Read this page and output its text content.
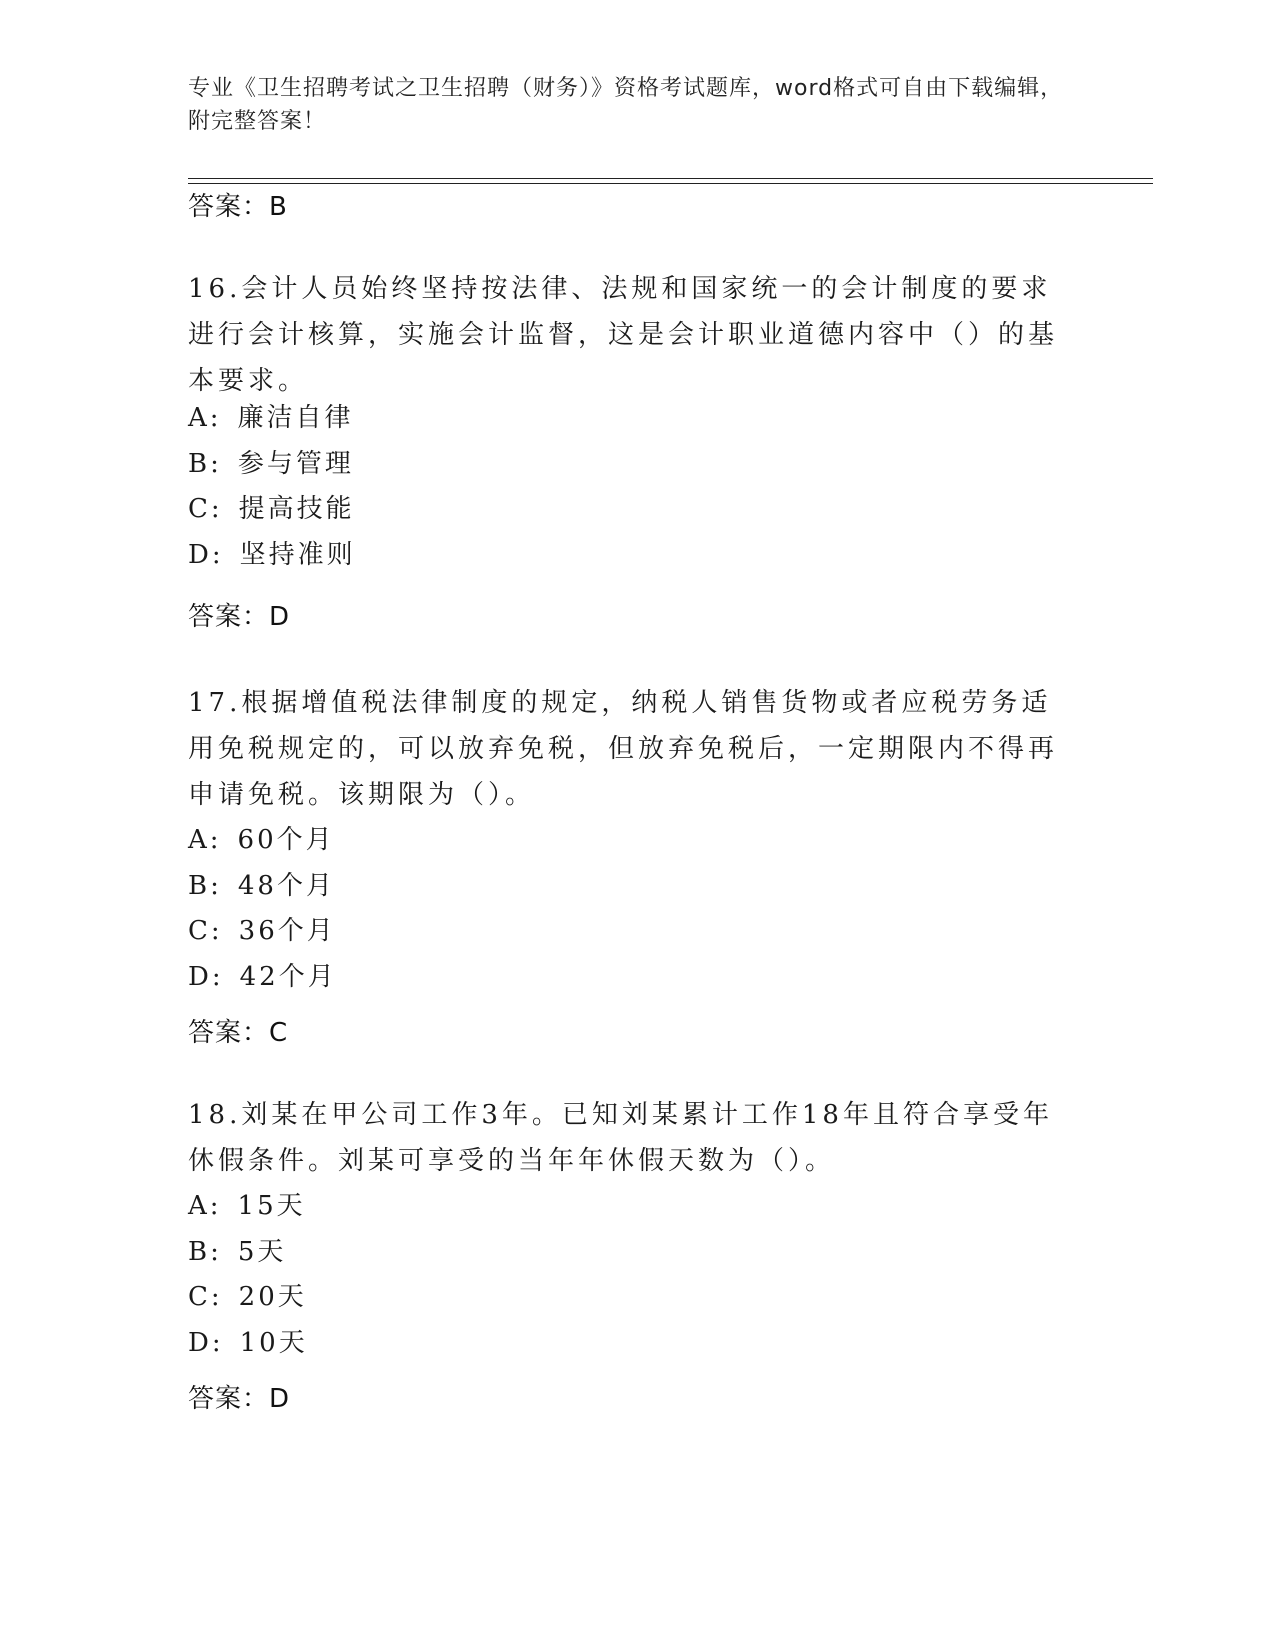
专业《卫生招聘考试之卫生招聘（财务）》资格考试题库，word格式可自由下载编辑，附完整答案！
答案：B
16.会计人员始终坚持按法律、法规和国家统一的会计制度的要求进行会计核算，实施会计监督，这是会计职业道德内容中（）的基本要求。
A: 廉洁自律
B: 参与管理
C: 提高技能
D: 坚持准则
答案：D
17.根据增值税法律制度的规定，纳税人销售货物或者应税劳务适用免税规定的，可以放弃免税，但放弃免税后，一定期限内不得再申请免税。该期限为（）。
A: 60个月
B: 48个月
C: 36个月
D: 42个月
答案：C
18.刘某在甲公司工作3年。已知刘某累计工作18年且符合享受年休假条件。刘某可享受的当年年休假天数为（）。
A: 15天
B: 5天
C: 20天
D: 10天
答案：D
